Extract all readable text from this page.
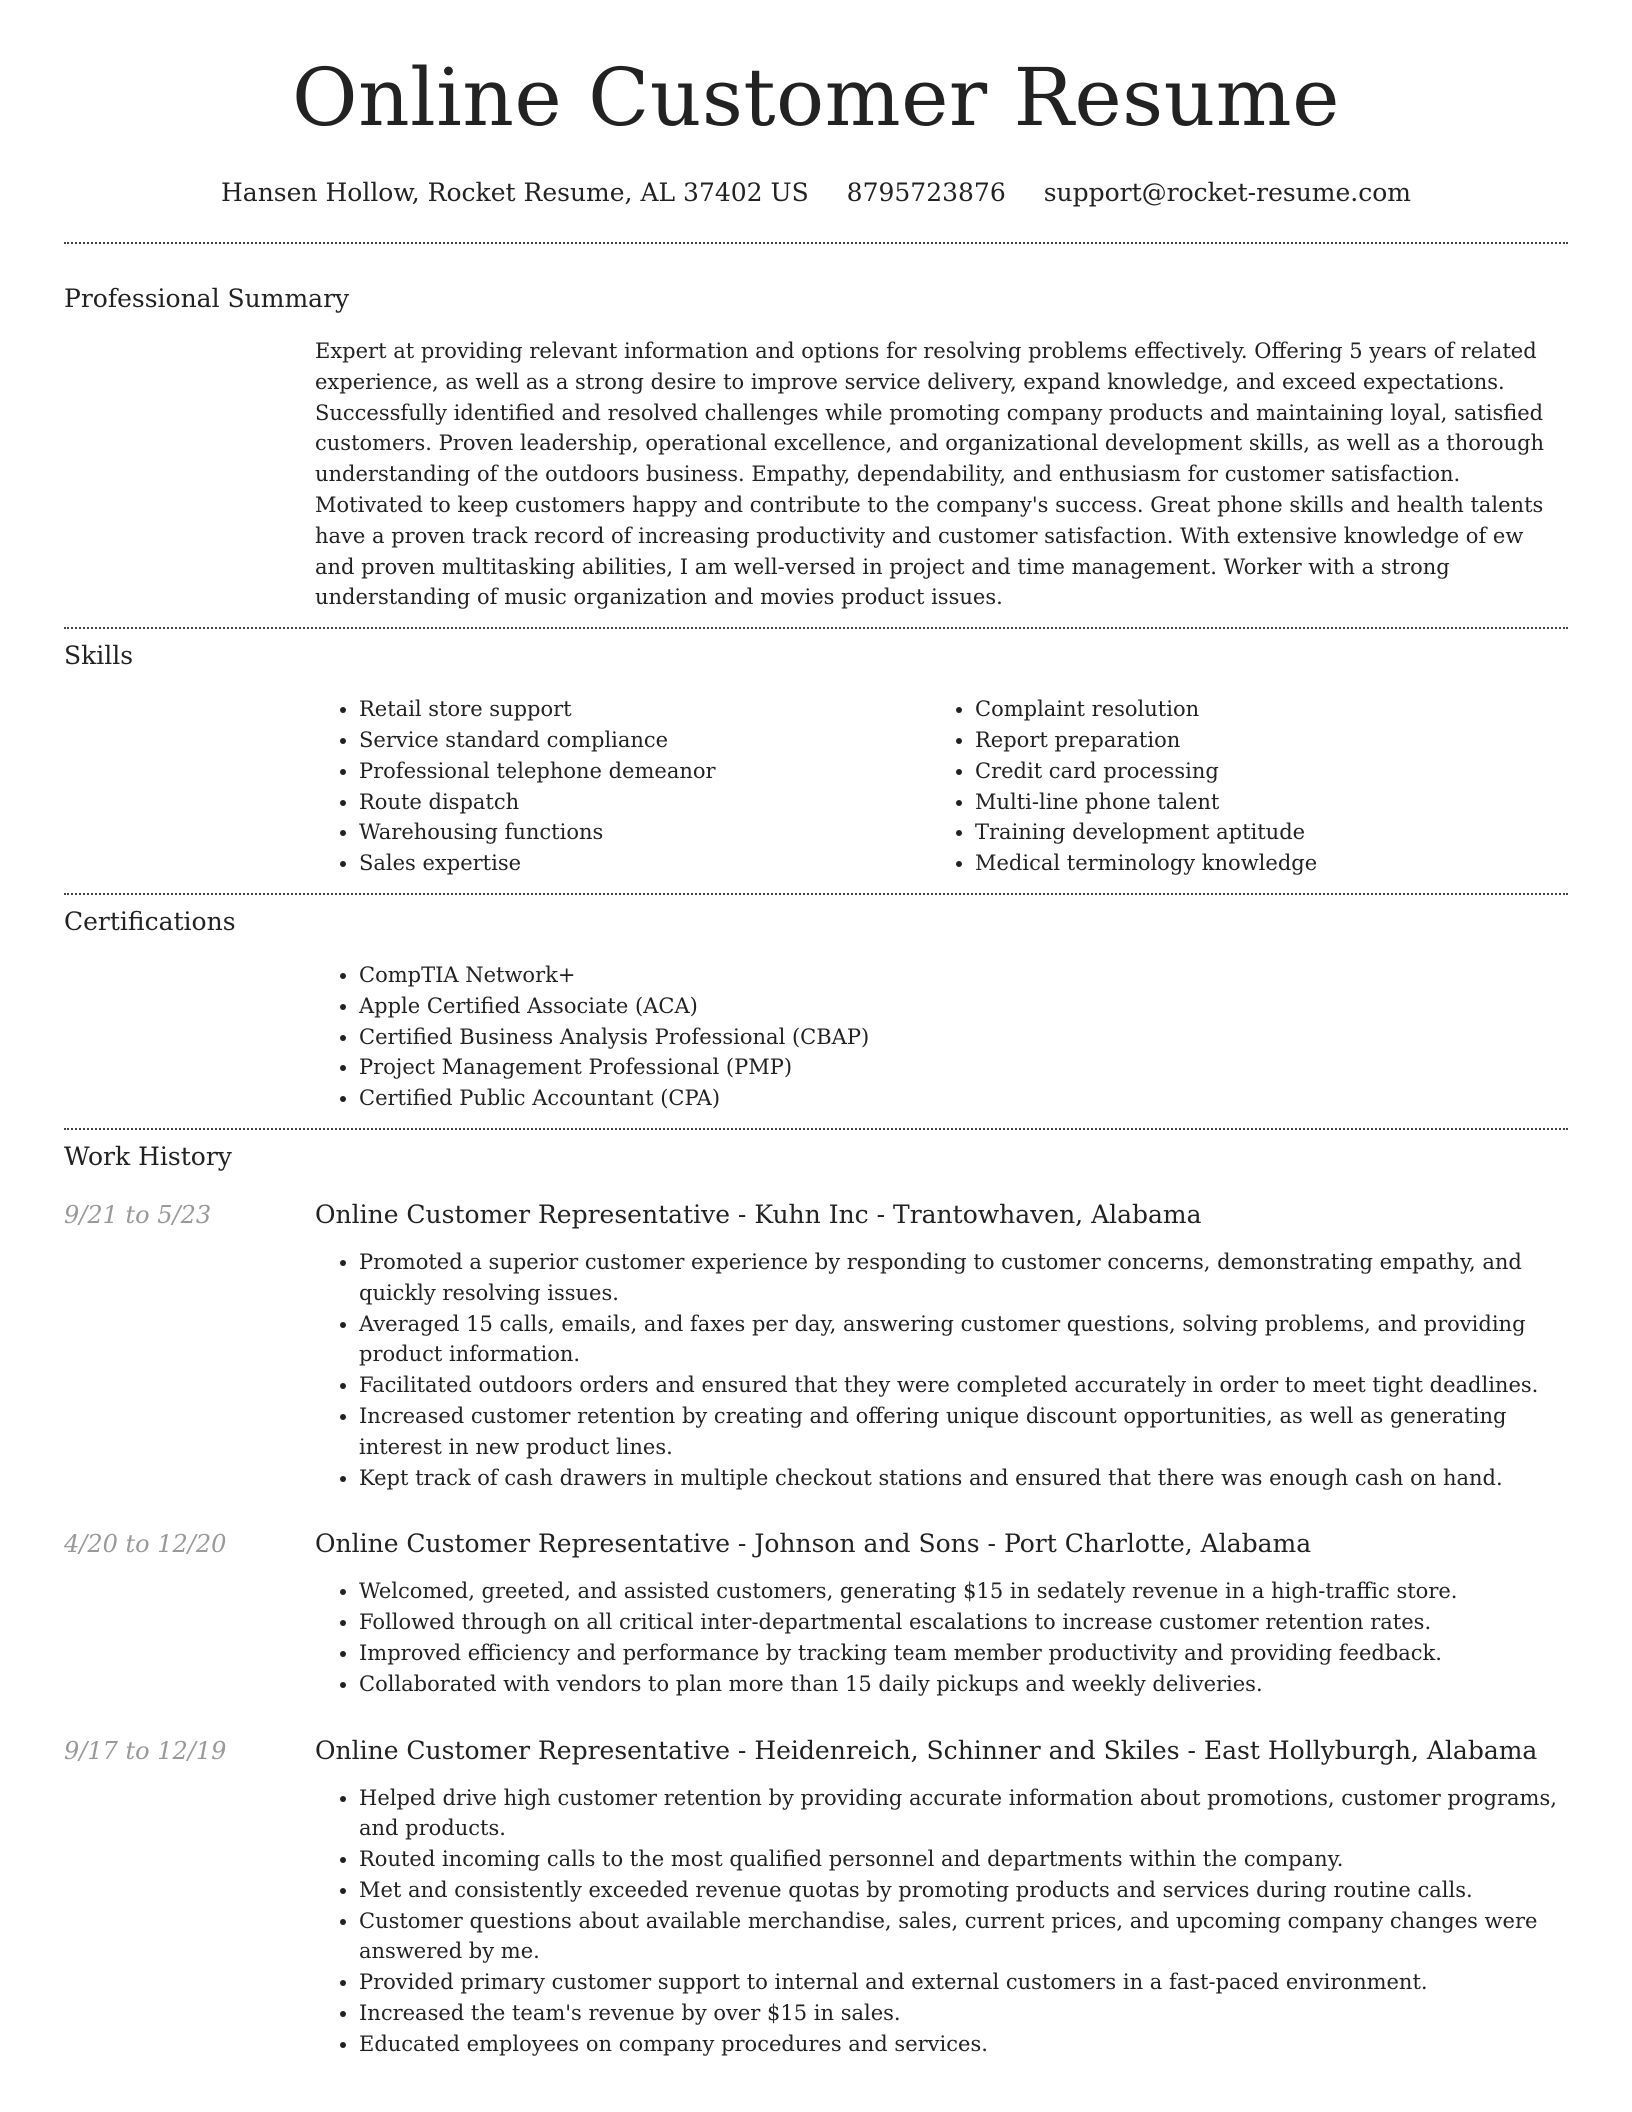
Online Customer Resume
Hansen Hollow, Rocket Resume, AL 37402 US 8795723876 support@rocket-resume.com
Professional Summary

Expert at providing relevant information and options for resolving problems effectively. Offering 5 years of related experience, as well as a strong desire to improve service delivery, expand knowledge, and exceed expectations. Successfully identified and resolved challenges while promoting company products and maintaining loyal, satisfied customers. Proven leadership, operational excellence, and organizational development skills, as well as a thorough understanding of the outdoors business. Empathy, dependability, and enthusiasm for customer satisfaction. Motivated to keep customers happy and contribute to the company's success. Great phone skills and health talents have a proven track record of increasing productivity and customer satisfaction. With extensive knowledge of ew and proven multitasking abilities, I am well-versed in project and time management. Worker with a strong understanding of music organization and movies product issues.

Skills
• Retail store support
• Service standard compliance
• Professional telephone demeanor
• Route dispatch
• Warehousing functions
• Sales expertise
• Complaint resolution
• Report preparation
• Credit card processing
• Multi-line phone talent
• Training development aptitude
• Medical terminology knowledge
Certifications
• CompTIA Network+
• Apple Certified Associate (ACA)
• Certified Business Analysis Professional (CBAP)
• Project Management Professional (PMP)
• Certified Public Accountant (CPA)
Work History
9/21 to 5/23	Online Customer Representative - Kuhn Inc - Trantowhaven, Alabama
• Promoted a superior customer experience by responding to customer concerns, demonstrating empathy, and quickly resolving issues.
• Averaged 15 calls, emails, and faxes per day, answering customer questions, solving problems, and providing product information.
• Facilitated outdoors orders and ensured that they were completed accurately in order to meet tight deadlines.
• Increased customer retention by creating and offering unique discount opportunities, as well as generating interest in new product lines.
• Kept track of cash drawers in multiple checkout stations and ensured that there was enough cash on hand.
4/20 to 12/20	Online Customer Representative - Johnson and Sons - Port Charlotte, Alabama
• Welcomed, greeted, and assisted customers, generating $15 in sedately revenue in a high-traffic store.
• Followed through on all critical inter-departmental escalations to increase customer retention rates.
• Improved efficiency and performance by tracking team member productivity and providing feedback.
• Collaborated with vendors to plan more than 15 daily pickups and weekly deliveries.
9/17 to 12/19	Online Customer Representative - Heidenreich, Schinner and Skiles - East Hollyburgh, Alabama
• Helped drive high customer retention by providing accurate information about promotions, customer programs, and products.
• Routed incoming calls to the most qualified personnel and departments within the company.
• Met and consistently exceeded revenue quotas by promoting products and services during routine calls.
• Customer questions about available merchandise, sales, current prices, and upcoming company changes were answered by me.
• Provided primary customer support to internal and external customers in a fast-paced environment.
• Increased the team's revenue by over $15 in sales.
• Educated employees on company procedures and services.
